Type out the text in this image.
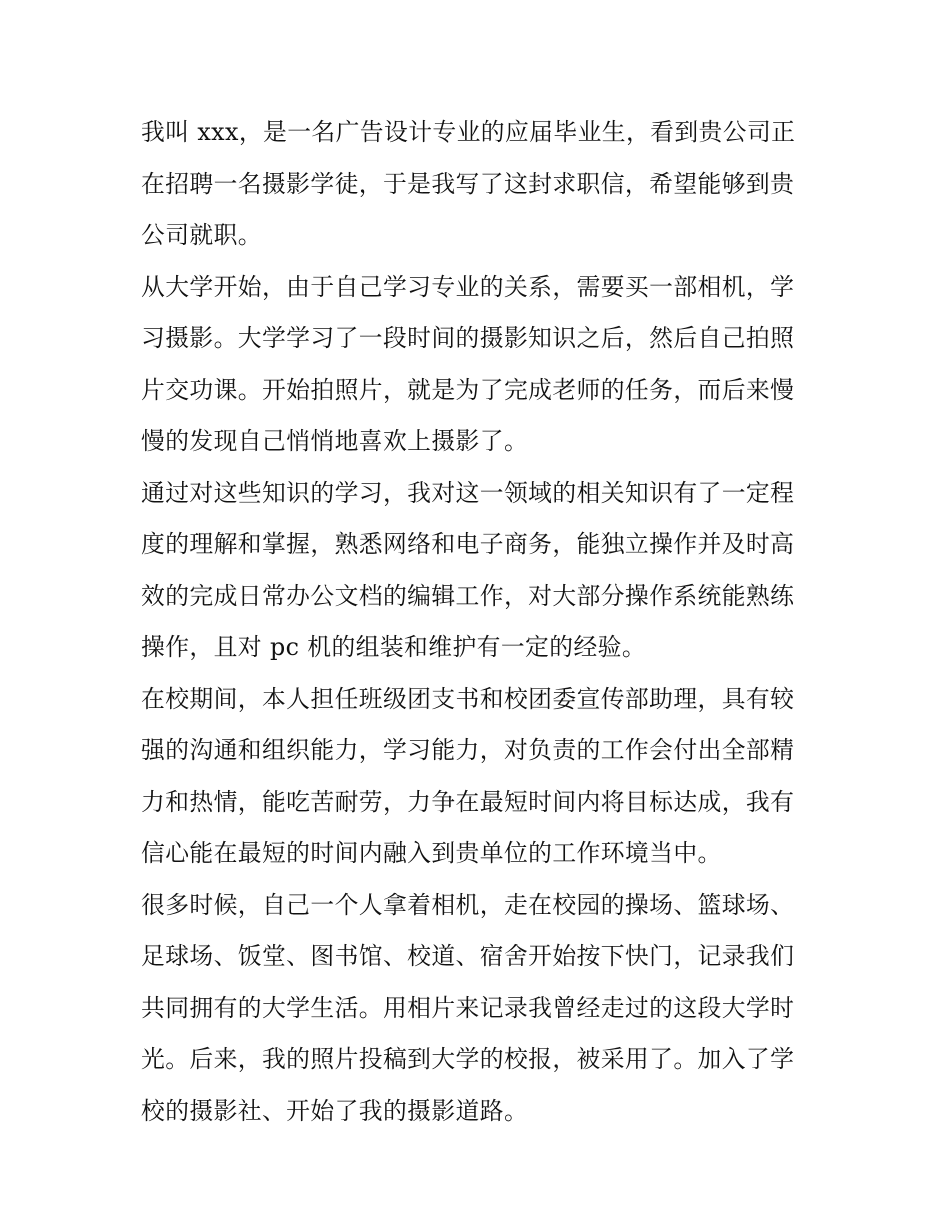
我叫 xxx，是一名广告设计专业的应届毕业生，看到贵公司正
在招聘一名摄影学徒，于是我写了这封求职信，希望能够到贵
公司就职。

从大学开始，由于自己学习专业的关系，需要买一部相机，学
习摄影。大学学习了一段时间的摄影知识之后，然后自己拍照
片交功课。开始拍照片，就是为了完成老师的任务，而后来慢
慢的发现自己悄悄地喜欢上摄影了。

通过对这些知识的学习，我对这一领域的相关知识有了一定程
度的理解和掌握，熟悉网络和电子商务，能独立操作并及时高
效的完成日常办公文档的编辑工作，对大部分操作系统能熟练
操作，且对 pc 机的组装和维护有一定的经验。

在校期间，本人担任班级团支书和校团委宣传部助理，具有较
强的沟通和组织能力，学习能力，对负责的工作会付出全部精
力和热情，能吃苦耐劳，力争在最短时间内将目标达成，我有
信心能在最短的时间内融入到贵单位的工作环境当中。

很多时候，自己一个人拿着相机，走在校园的操场、篮球场、
足球场、饭堂、图书馆、校道、宿舍开始按下快门，记录我们
共同拥有的大学生活。用相片来记录我曾经走过的这段大学时
光。后来，我的照片投稿到大学的校报，被采用了。加入了学
校的摄影社、开始了我的摄影道路。
